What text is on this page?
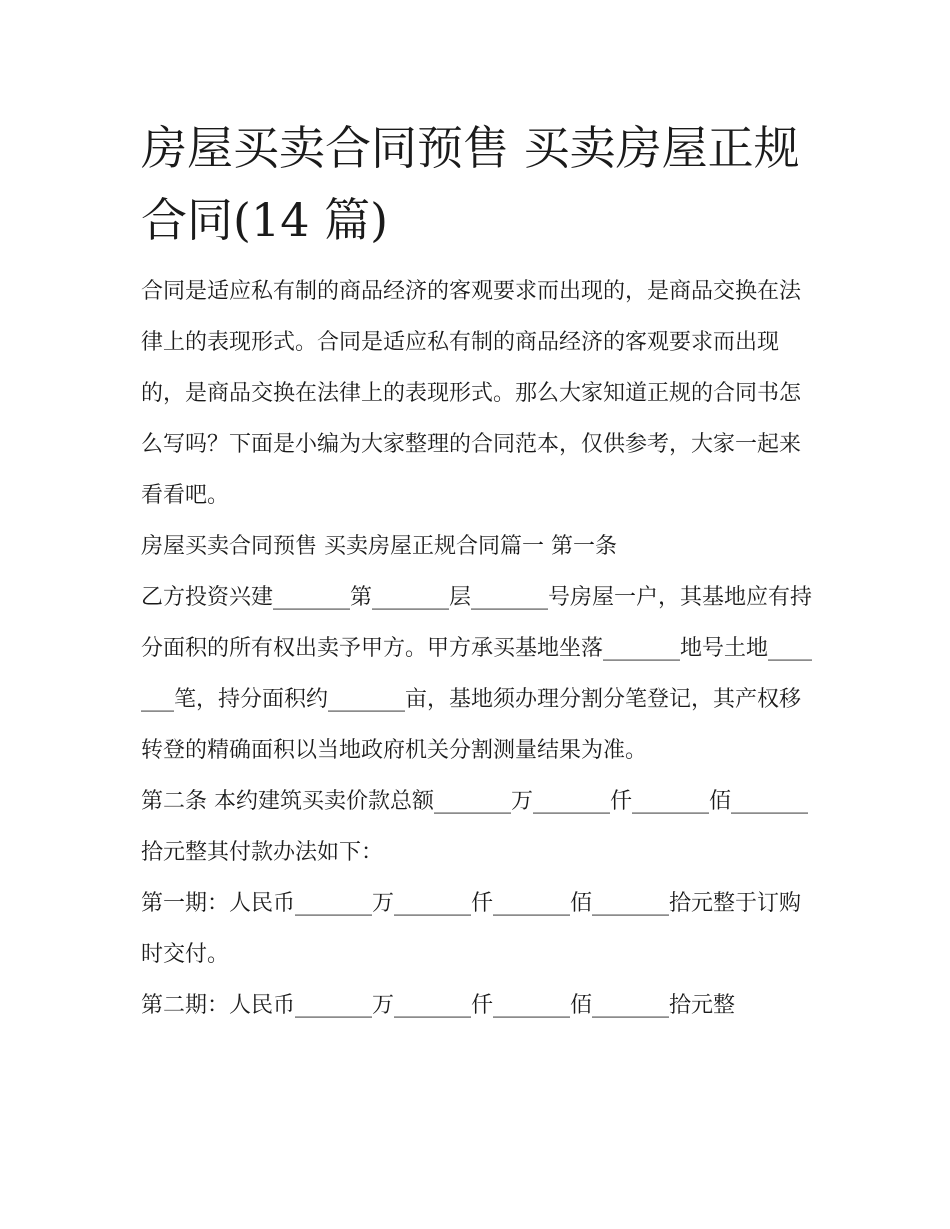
房屋买卖合同预售 买卖房屋正规合同(14 篇)

合同是适应私有制的商品经济的客观要求而出现的，是商品交换在法律上的表现形式。合同是适应私有制的商品经济的客观要求而出现的，是商品交换在法律上的表现形式。那么大家知道正规的合同书怎么写吗？下面是小编为大家整理的合同范本，仅供参考，大家一起来看看吧。

房屋买卖合同预售 买卖房屋正规合同篇一 第一条

乙方投资兴建_______第_______层_______号房屋一户，其基地应有持分面积的所有权出卖予甲方。甲方承买基地坐落_______地号土地_______笔，持分面积约_______亩，基地须办理分割分笔登记，其产权移转登的精确面积以当地政府机关分割测量结果为准。

第二条 本约建筑买卖价款总额_______万_______仟_______佰_______拾元整其付款办法如下：

第一期：人民币_______万_______仟_______佰_______拾元整于订购时交付。

第二期：人民币_______万_______仟_______佰_______拾元整
